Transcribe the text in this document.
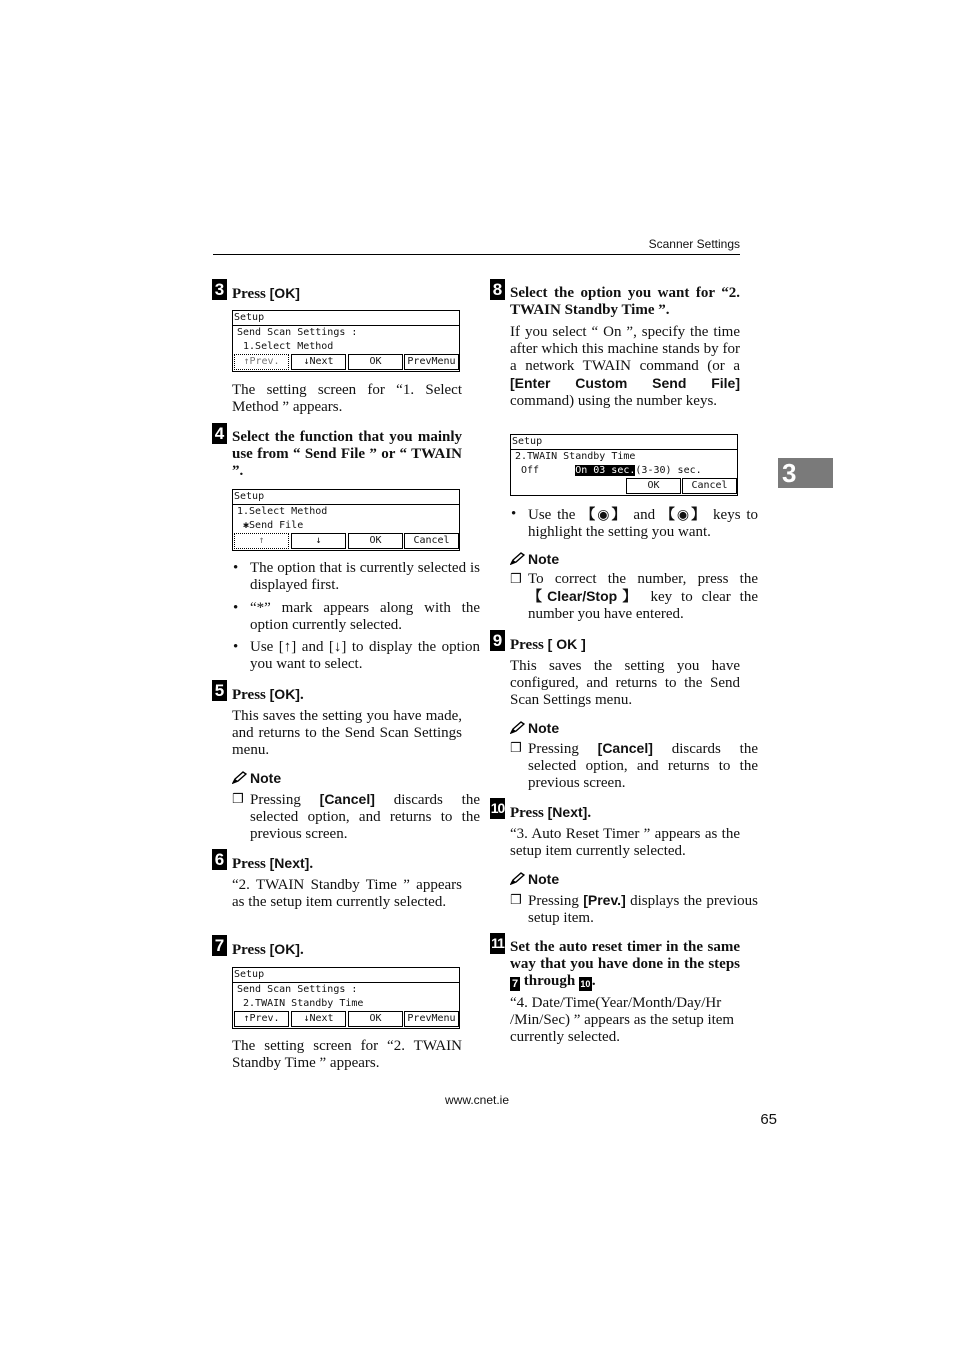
Scanner Settings
3
3 Press [OK]
Setup
Send Scan Settings :
1.Select Method
↑Prev.	↓Next	OK	PrevMenu
The setting screen for “1. Select Method ” appears.
4 Select the function that you mainly use from “ Send File ” or “ TWAIN ”.
Setup
1.Select Method
✱Send File
↑	↓	OK	Cancel
• The option that is currently selected is displayed first.
• “*” mark appears along with the option currently selected.
• Use [↑] and [↓] to display the option you want to select.
5 Press [OK].
This saves the setting you have made, and returns to the Send Scan Settings menu.
Note
❒ Pressing [Cancel] discards the selected option, and returns to the previous screen.
6 Press [Next].
“2. TWAIN Standby Time ” appears as the setup item currently selected.
7 Press [OK].
Setup
Send Scan Settings :
2.TWAIN Standby Time
↑Prev.	↓Next	OK	PrevMenu
The setting screen for “2. TWAIN Standby Time ” appears.
8 Select the option you want for “2. TWAIN Standby Time ”.
If you select “ On ”, specify the time after which this machine stands by for a network TWAIN command (or a [Enter Custom Send File] command) using the number keys.
Setup
2.TWAIN Standby Time
Off	On 03 sec.(3-30) sec.
OK	Cancel
• Use the 【◉】 and 【◉】 keys to highlight the setting you want.
Note
❒ To correct the number, press the 【Clear/Stop】 key to clear the number you have entered.
9 Press [ OK ]
This saves the setting you have configured, and returns to the Send Scan Settings menu.
Note
❒ Pressing [Cancel] discards the selected option, and returns to the previous screen.
10 Press [Next].
“3. Auto Reset Timer ” appears as the setup item currently selected.
Note
❒ Pressing [Prev.] displays the previous setup item.
11 Set the auto reset timer in the same way that you have done in the steps 7 through 10 .
“4. Date/Time(Year/Month/Day/Hr /Min/Sec) ” appears as the setup item currently selected.
www.cnet.ie
65
